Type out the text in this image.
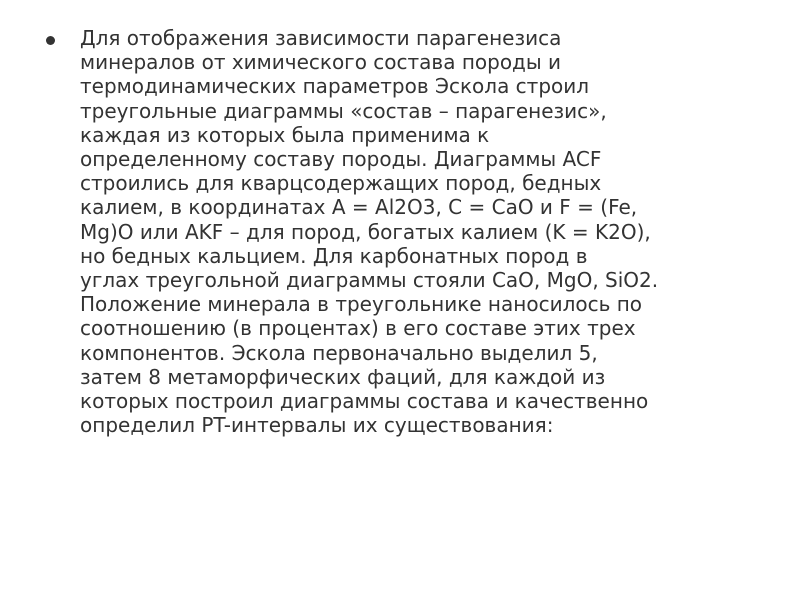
Для отображения зависимости парагенезиса
минералов от химического состава породы и
термодинамических параметров Эскола строил
треугольные диаграммы «состав – парагенезис»,
каждая из которых была применима к
определенному составу породы. Диаграммы ACF
строились для кварцсодержащих пород, бедных
калием, в координатах A = Al2O3, C = CaO и F = (Fe,
Mg)O или AKF – для пород, богатых калием (K = K2O),
но бедных кальцием. Для карбонатных пород в
углах треугольной диаграммы стояли CaO, MgO, SiO2.
Положение минерала в треугольнике наносилось по
соотношению (в процентах) в его составе этих трех
компонентов. Эскола первоначально выделил 5,
затем 8 метаморфических фаций, для каждой из
которых построил диаграммы состава и качественно
определил PT-интервалы их существования:
